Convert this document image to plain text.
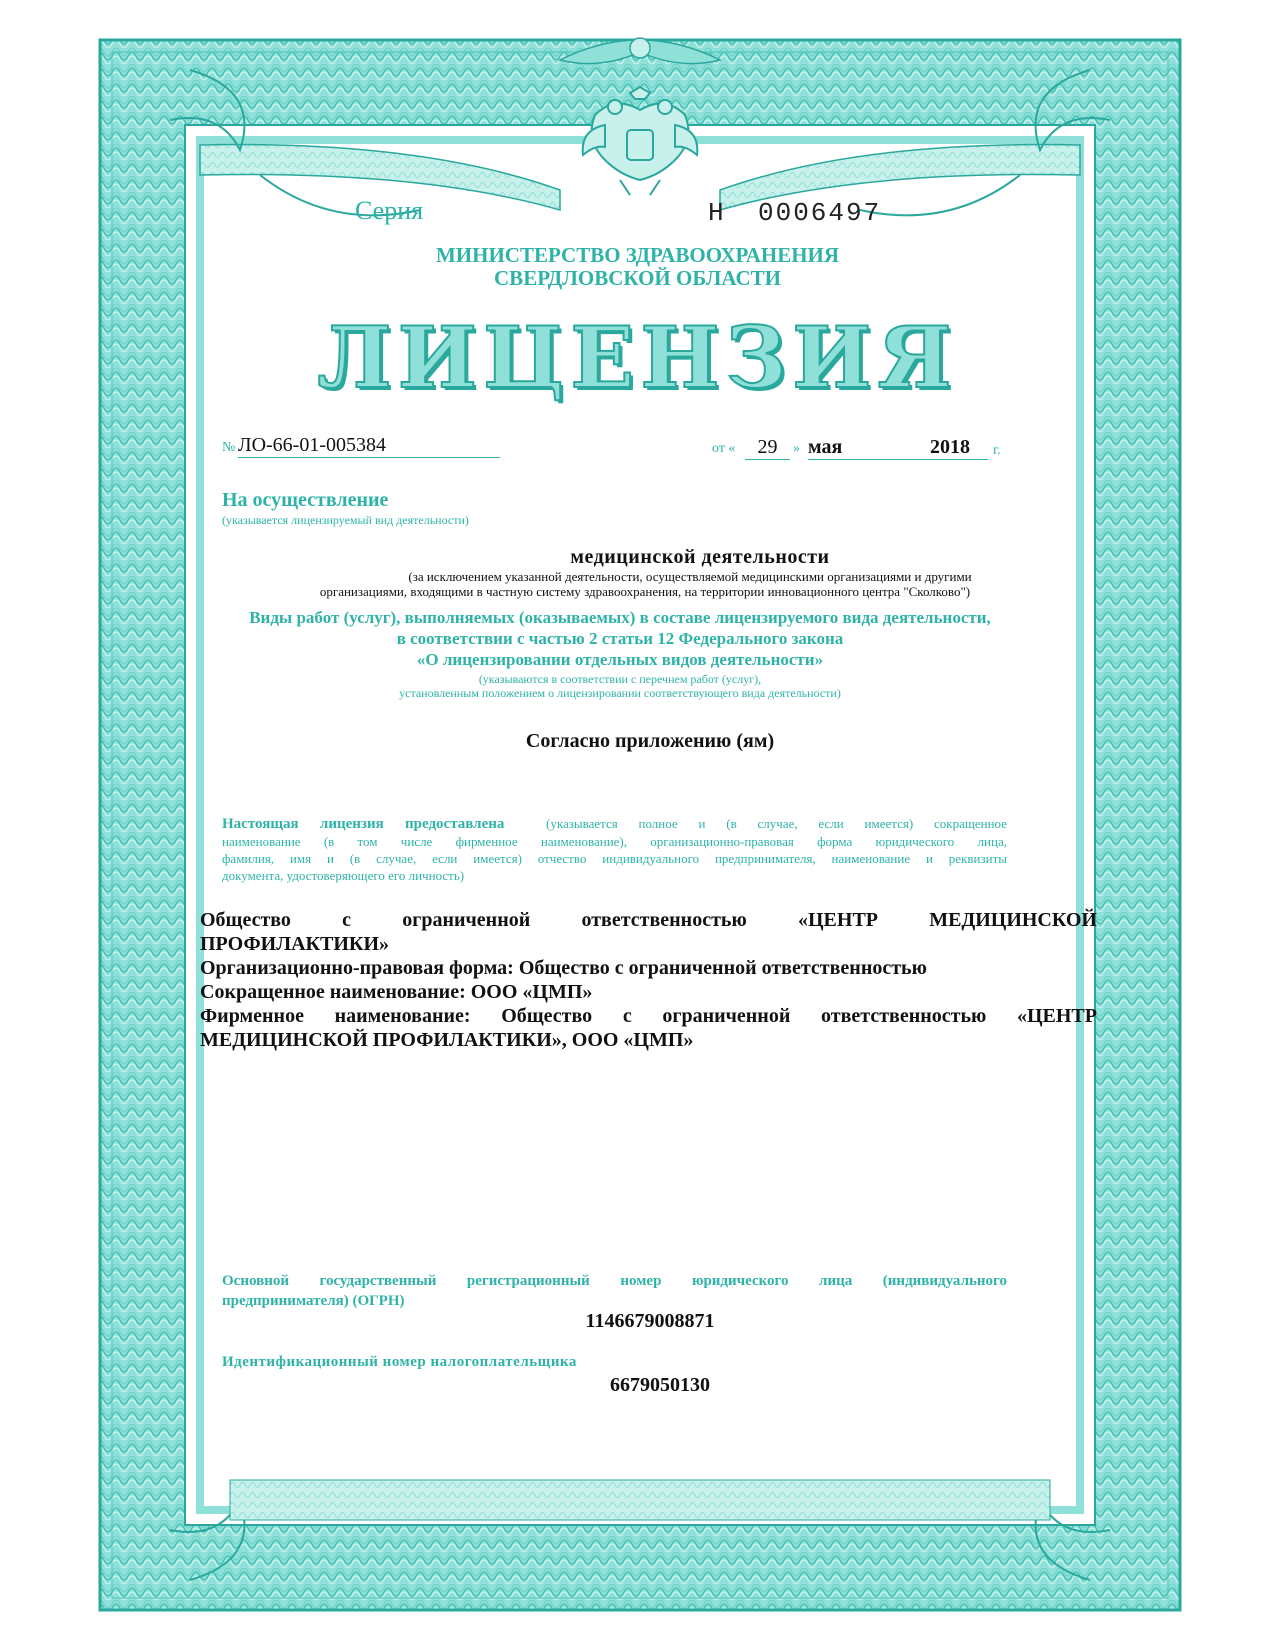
Серия	Н 0006497

МИНИСТЕРСТВО ЗДРАВООХРАНЕНИЯ

СВЕРДЛОВСКОЙ ОБЛАСТИ

ЛИЦЕНЗИЯ

№ ЛО-66-01-005384	от «	29	» мая	2018 г.

На осуществление

(указывается лицензируемый вид деятельности)

медицинской деятельности

(за исключением указанной деятельности, осуществляемой медицинскими организациями и другими

организациями, входящими в частную систему здравоохранения, на территории инновационного центра "Сколково")

Виды работ (услуг), выполняемых (оказываемых) в составе лицензируемого вида деятельности,

в соответствии с частью 2 статьи 12 Федерального закона

«О лицензировании отдельных видов деятельности»

(указываются в соответствии с перечнем работ (услуг),

установленным положением о лицензировании соответствующего вида деятельности)

Согласно приложению (ям)

Настоящая лицензия предоставлена	(указывается полное и (в случае, если имеется) сокращенное
наименование (в том числе фирменное наименование), организационно-правовая форма юридического лица,
фамилия, имя и (в случае, если имеется) отчество индивидуального предпринимателя, наименование и реквизиты
документа, удостоверяющего его личность)
Общество с ограниченной ответственностью «ЦЕНТР МЕДИЦИНСКОЙ
ПРОФИЛАКТИКИ»
Организационно-правовая форма: Общество с ограниченной ответственностью
Сокращенное наименование: ООО «ЦМП»
Фирменное наименование: Общество с ограниченной ответственностью «ЦЕНТР
МЕДИЦИНСКОЙ ПРОФИЛАКТИКИ», ООО «ЦМП»
Основной государственный регистрационный номер юридического лица (индивидуального
предпринимателя) (ОГРН)

1146679008871

Идентификационный номер налогоплательщика

6679050130
